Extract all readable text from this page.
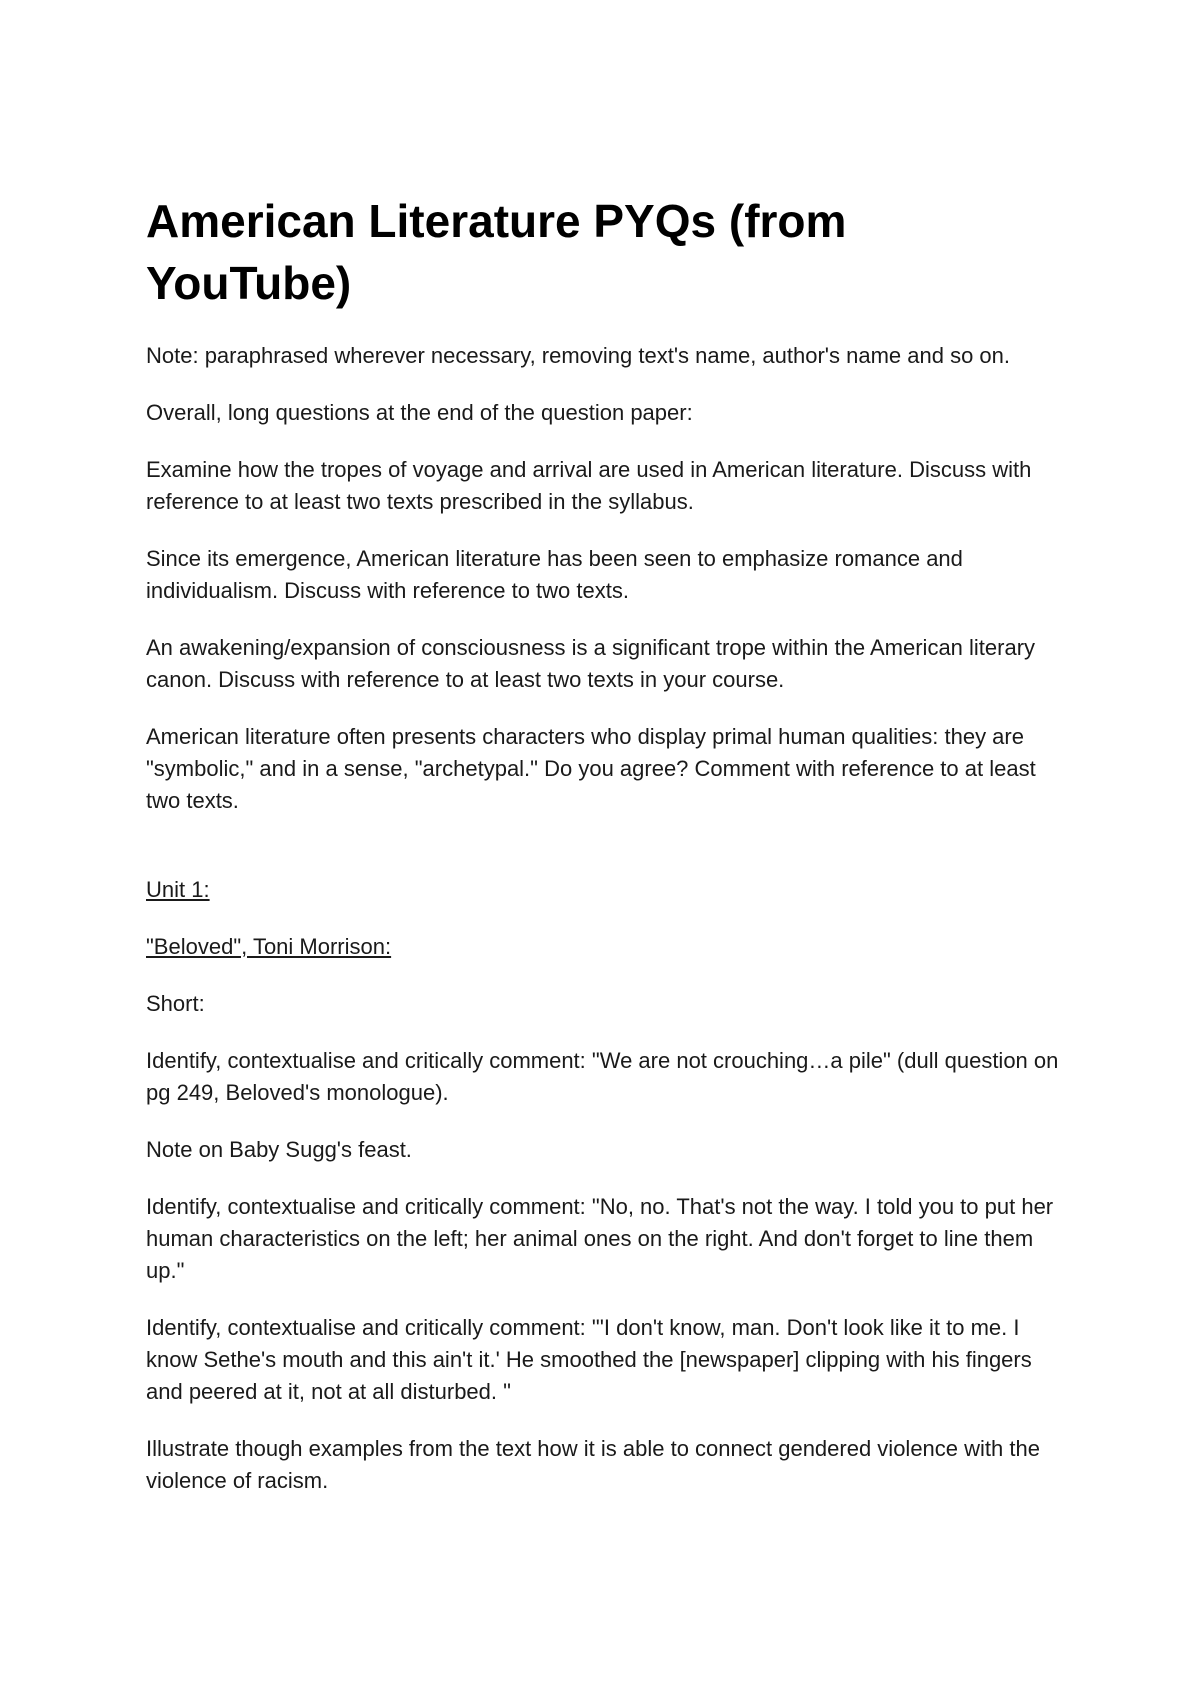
American Literature PYQs (from YouTube)

Note: paraphrased wherever necessary, removing text's name, author's name and so on.

Overall, long questions at the end of the question paper:

Examine how the tropes of voyage and arrival are used in American literature. Discuss with reference to at least two texts prescribed in the syllabus.

Since its emergence, American literature has been seen to emphasize romance and individualism. Discuss with reference to two texts.

An awakening/expansion of consciousness is a significant trope within the American literary canon. Discuss with reference to at least two texts in your course.

American literature often presents characters who display primal human qualities: they are "symbolic," and in a sense, "archetypal." Do you agree? Comment with reference to at least two texts.

Unit 1:

"Beloved", Toni Morrison:

Short:

Identify, contextualise and critically comment: "We are not crouching…a pile" (dull question on pg 249, Beloved's monologue).

Note on Baby Sugg's feast.

Identify, contextualise and critically comment: "No, no. That's not the way. I told you to put her human characteristics on the left; her animal ones on the right. And don't forget to line them up."

Identify, contextualise and critically comment: "'I don't know, man. Don't look like it to me. I know Sethe's mouth and this ain't it.' He smoothed the [newspaper] clipping with his fingers and peered at it, not at all disturbed. "

Illustrate though examples from the text how it is able to connect gendered violence with the violence of racism.
